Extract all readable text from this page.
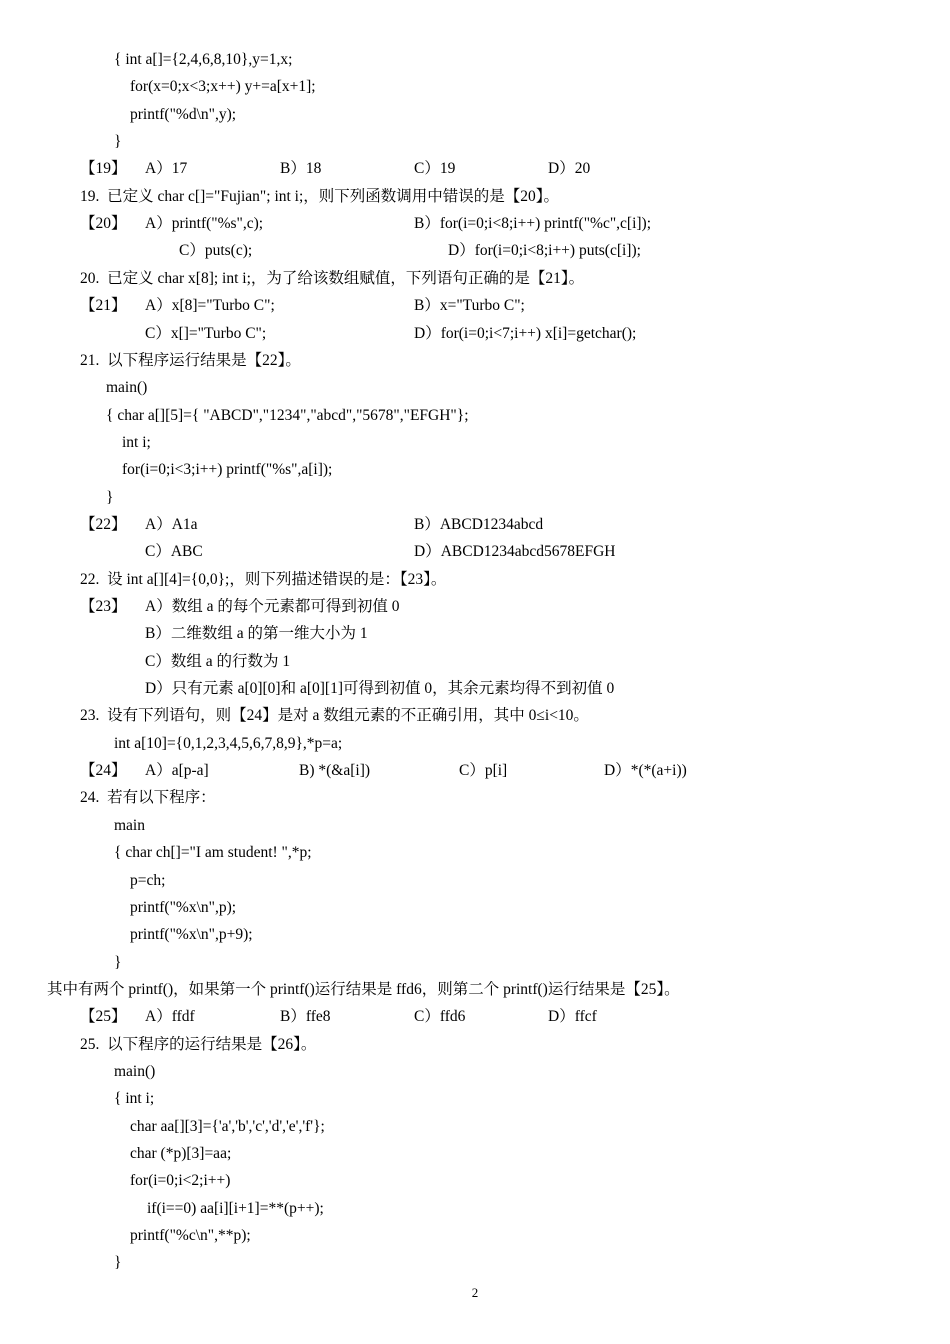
{ int a[]={2,4,6,8,10},y=1,x;
for(x=0;x<3;x++) y+=a[x+1];
printf("%d\n",y);
}
【19】 A）17	B）18	C）19	D）20
19.  已定义 char c[]="Fujian"; int i;，则下列函数调用中错误的是【20】。
【20】 A）printf("%s",c);	B）for(i=0;i<8;i++) printf("%c",c[i]);
C）puts(c);	D）for(i=0;i<8;i++) puts(c[i]);
20.  已定义 char x[8]; int i;，为了给该数组赋值，下列语句正确的是【21】。
【21】 A）x[8]="Turbo C";	B）x="Turbo C";
C）x[]="Turbo C";	D）for(i=0;i<7;i++) x[i]=getchar();
21.  以下程序运行结果是【22】。
main()
{ char a[][5]={ "ABCD","1234","abcd","5678","EFGH"};
int i;
for(i=0;i<3;i++) printf("%s",a[i]);
}
【22】 A）A1a	B）ABCD1234abcd
C）ABC	D）ABCD1234abcd5678EFGH
22.  设 int a[][4]={0,0};，则下列描述错误的是：【23】。
【23】 A）数组 a 的每个元素都可得到初值 0
B）二维数组 a 的第一维大小为 1
C）数组 a 的行数为 1
D）只有元素 a[0][0]和 a[0][1]可得到初值 0，其余元素均得不到初值 0
23.  设有下列语句，则【24】是对 a 数组元素的不正确引用，其中 0≤i<10。
int a[10]={0,1,2,3,4,5,6,7,8,9},*p=a;
【24】 A）a[p-a]	B) *(&a[i])	C）p[i]	D）*(*(a+i))
24.  若有以下程序：
main
{ char ch[]="I am student! ",*p;
p=ch;
printf("%x\n",p);
printf("%x\n",p+9);
}
其中有两个 printf()，如果第一个 printf()运行结果是 ffd6，则第二个 printf()运行结果是【25】。
【25】 A）ffdf	B）ffe8	C）ffd6	D）ffcf
25.  以下程序的运行结果是【26】。
main()
{ int i;
char aa[][3]={'a','b','c','d','e','f'};
char (*p)[3]=aa;
for(i=0;i<2;i++)
if(i==0) aa[i][i+1]=**(p++);
printf("%c\n",**p);
}
2
